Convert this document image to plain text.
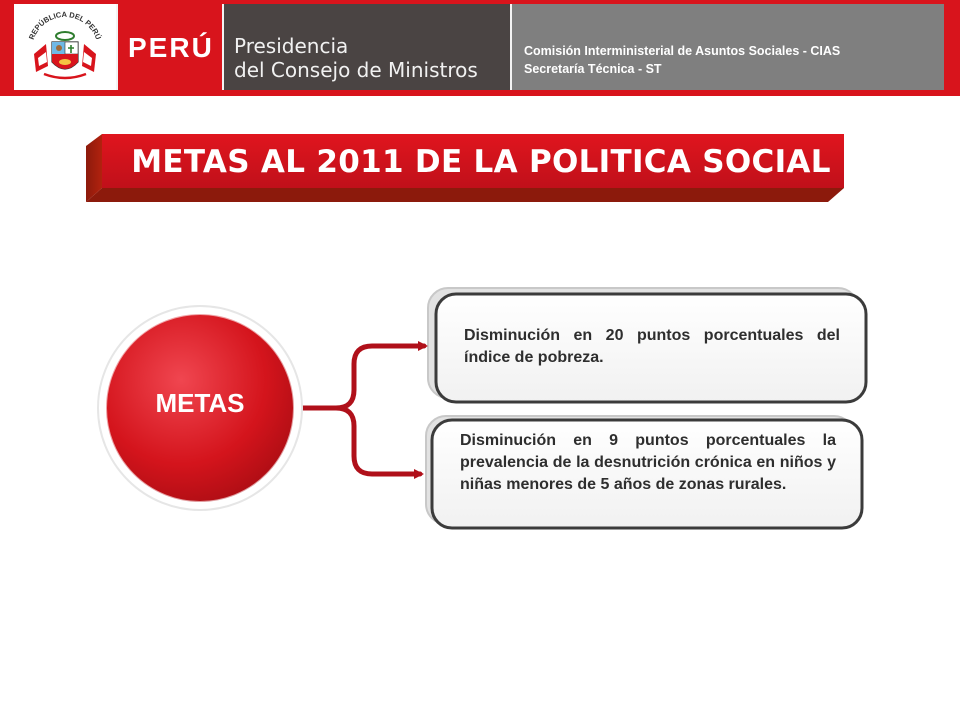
REPÚBLICA DEL PERÚ PERÚ Presidencia
del Consejo de Ministros
Comisión Interministerial de Asuntos Sociales - CIAS
Secretaría Técnica - ST
METAS AL 2011 DE LA POLITICA SOCIAL
METAS
Disminución en 20 puntos porcentuales del índice de pobreza.
Disminución en 9 puntos porcentuales la prevalencia de la desnutrición crónica en niños y niñas menores de 5 años de zonas rurales.
